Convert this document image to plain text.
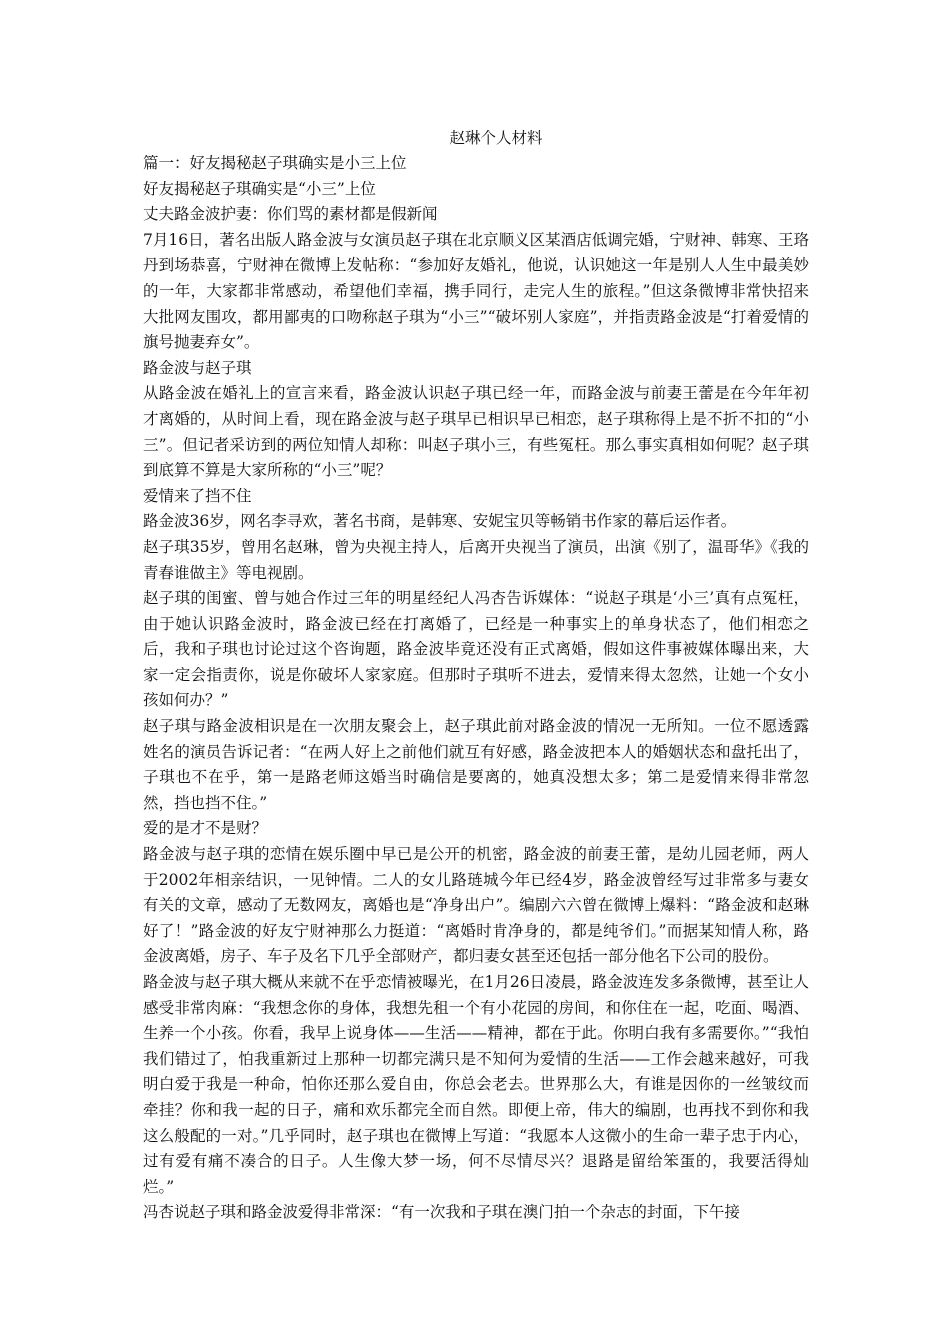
赵琳个人材料

篇一：好友揭秘赵子琪确实是小三上位

好友揭秘赵子琪确实是“小三”上位

丈夫路金波护妻：你们骂的素材都是假新闻

7月16日，著名出版人路金波与女演员赵子琪在北京顺义区某酒店低调完婚，宁财神、韩寒、王珞丹到场恭喜，宁财神在微博上发帖称：“参加好友婚礼，他说，认识她这一年是别人人生中最美妙的一年，大家都非常感动，希望他们幸福，携手同行，走完人生的旅程。”但这条微博非常快招来大批网友围攻，都用鄙夷的口吻称赵子琪为“小三”“破坏别人家庭”，并指责路金波是“打着爱情的旗号抛妻弃女”。

路金波与赵子琪

从路金波在婚礼上的宣言来看，路金波认识赵子琪已经一年，而路金波与前妻王蕾是在今年年初才离婚的，从时间上看，现在路金波与赵子琪早已相识早已相恋，赵子琪称得上是不折不扣的“小三”。但记者采访到的两位知情人却称：叫赵子琪小三，有些冤枉。那么事实真相如何呢？赵子琪到底算不算是大家所称的“小三”呢？

爱情来了挡不住

路金波36岁，网名李寻欢，著名书商，是韩寒、安妮宝贝等畅销书作家的幕后运作者。

赵子琪35岁，曾用名赵琳，曾为央视主持人，后离开央视当了演员，出演《别了，温哥华》《我的青春谁做主》等电视剧。

赵子琪的闺蜜、曾与她合作过三年的明星经纪人冯杏告诉媒体：“说赵子琪是‘小三’真有点冤枉，由于她认识路金波时，路金波已经在打离婚了，已经是一种事实上的单身状态了，他们相恋之后，我和子琪也讨论过这个咨询题，路金波毕竟还没有正式离婚，假如这件事被媒体曝出来，大家一定会指责你，说是你破坏人家家庭。但那时子琪听不进去，爱情来得太忽然，让她一个女小孩如何办？”

赵子琪与路金波相识是在一次朋友聚会上，赵子琪此前对路金波的情况一无所知。一位不愿透露姓名的演员告诉记者：“在两人好上之前他们就互有好感，路金波把本人的婚姻状态和盘托出了，子琪也不在乎，第一是路老师这婚当时确信是要离的，她真没想太多；第二是爱情来得非常忽然，挡也挡不住。”

爱的是才不是财？

路金波与赵子琪的恋情在娱乐圈中早已是公开的机密，路金波的前妻王蕾，是幼儿园老师，两人于2002年相亲结识，一见钟情。二人的女儿路琏城今年已经4岁，路金波曾经写过非常多与妻女有关的文章，感动了无数网友，离婚也是“净身出户”。编剧六六曾在微博上爆料：“路金波和赵琳好了！”路金波的好友宁财神那么力挺道：“离婚时肯净身的，都是纯爷们。”而据某知情人称，路金波离婚，房子、车子及名下几乎全部财产，都归妻女甚至还包括一部分他名下公司的股份。

路金波与赵子琪大概从来就不在乎恋情被曝光，在1月26日凌晨，路金波连发多条微博，甚至让人感受非常肉麻：“我想念你的身体，我想先租一个有小花园的房间，和你住在一起，吃面、喝酒、生养一个小孩。你看，我早上说身体——生活——精神，都在于此。你明白我有多需要你。”“我怕我们错过了，怕我重新过上那种一切都完满只是不知何为爱情的生活——工作会越来越好，可我明白爱于我是一种命，怕你还那么爱自由，你总会老去。世界那么大，有谁是因你的一丝皱纹而牵挂？你和我一起的日子，痛和欢乐都完全而自然。即便上帝，伟大的编剧，也再找不到你和我这么般配的一对。”几乎同时，赵子琪也在微博上写道：“我愿本人这微小的生命一辈子忠于内心，过有爱有痛不凑合的日子。人生像大梦一场，何不尽情尽兴？退路是留给笨蛋的，我要活得灿烂。”

冯杏说赵子琪和路金波爱得非常深：“有一次我和子琪在澳门拍一个杂志的封面，下午接
